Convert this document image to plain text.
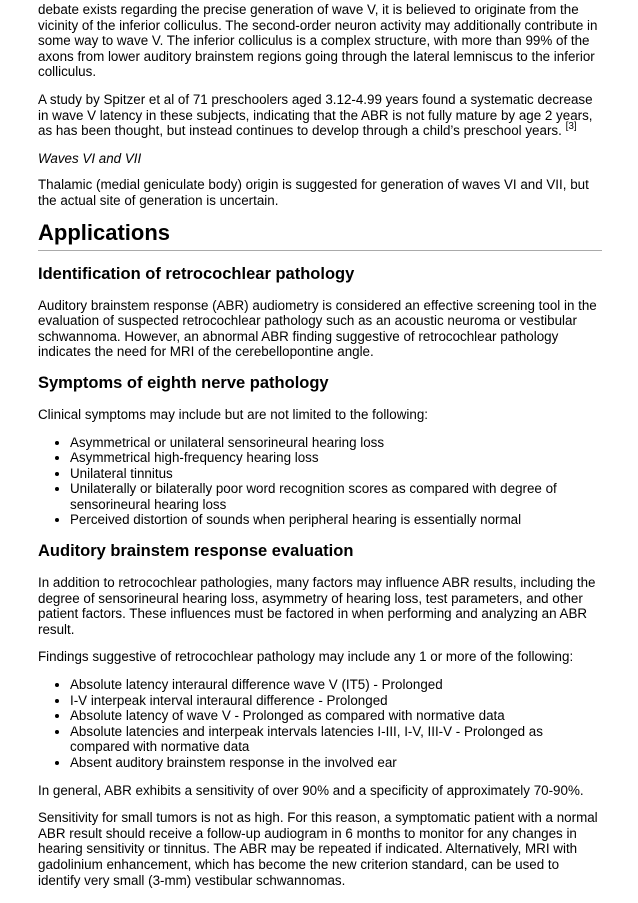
debate exists regarding the precise generation of wave V, it is believed to originate from the vicinity of the inferior colliculus. The second-order neuron activity may additionally contribute in some way to wave V. The inferior colliculus is a complex structure, with more than 99% of the axons from lower auditory brainstem regions going through the lateral lemniscus to the inferior colliculus.

A study by Spitzer et al of 71 preschoolers aged 3.12-4.99 years found a systematic decrease in wave V latency in these subjects, indicating that the ABR is not fully mature by age 2 years, as has been thought, but instead continues to develop through a child’s preschool years. [3]

Waves VI and VII

Thalamic (medial geniculate body) origin is suggested for generation of waves VI and VII, but the actual site of generation is uncertain.

Applications
Identification of retrocochlear pathology

Auditory brainstem response (ABR) audiometry is considered an effective screening tool in the evaluation of suspected retrocochlear pathology such as an acoustic neuroma or vestibular schwannoma. However, an abnormal ABR finding suggestive of retrocochlear pathology indicates the need for MRI of the cerebellopontine angle.

Symptoms of eighth nerve pathology

Clinical symptoms may include but are not limited to the following:

• Asymmetrical or unilateral sensorineural hearing loss
• Asymmetrical high-frequency hearing loss
• Unilateral tinnitus
• Unilaterally or bilaterally poor word recognition scores as compared with degree of sensorineural hearing loss
• Perceived distortion of sounds when peripheral hearing is essentially normal
Auditory brainstem response evaluation

In addition to retrocochlear pathologies, many factors may influence ABR results, including the degree of sensorineural hearing loss, asymmetry of hearing loss, test parameters, and other patient factors. These influences must be factored in when performing and analyzing an ABR result.

Findings suggestive of retrocochlear pathology may include any 1 or more of the following:

• Absolute latency interaural difference wave V (IT5) - Prolonged
• I-V interpeak interval interaural difference - Prolonged
• Absolute latency of wave V - Prolonged as compared with normative data
• Absolute latencies and interpeak intervals latencies I-III, I-V, III-V - Prolonged as compared with normative data
• Absent auditory brainstem response in the involved ear

In general, ABR exhibits a sensitivity of over 90% and a specificity of approximately 70-90%.

Sensitivity for small tumors is not as high. For this reason, a symptomatic patient with a normal ABR result should receive a follow-up audiogram in 6 months to monitor for any changes in hearing sensitivity or tinnitus. The ABR may be repeated if indicated. Alternatively, MRI with gadolinium enhancement, which has become the new criterion standard, can be used to identify very small (3-mm) vestibular schwannomas.
